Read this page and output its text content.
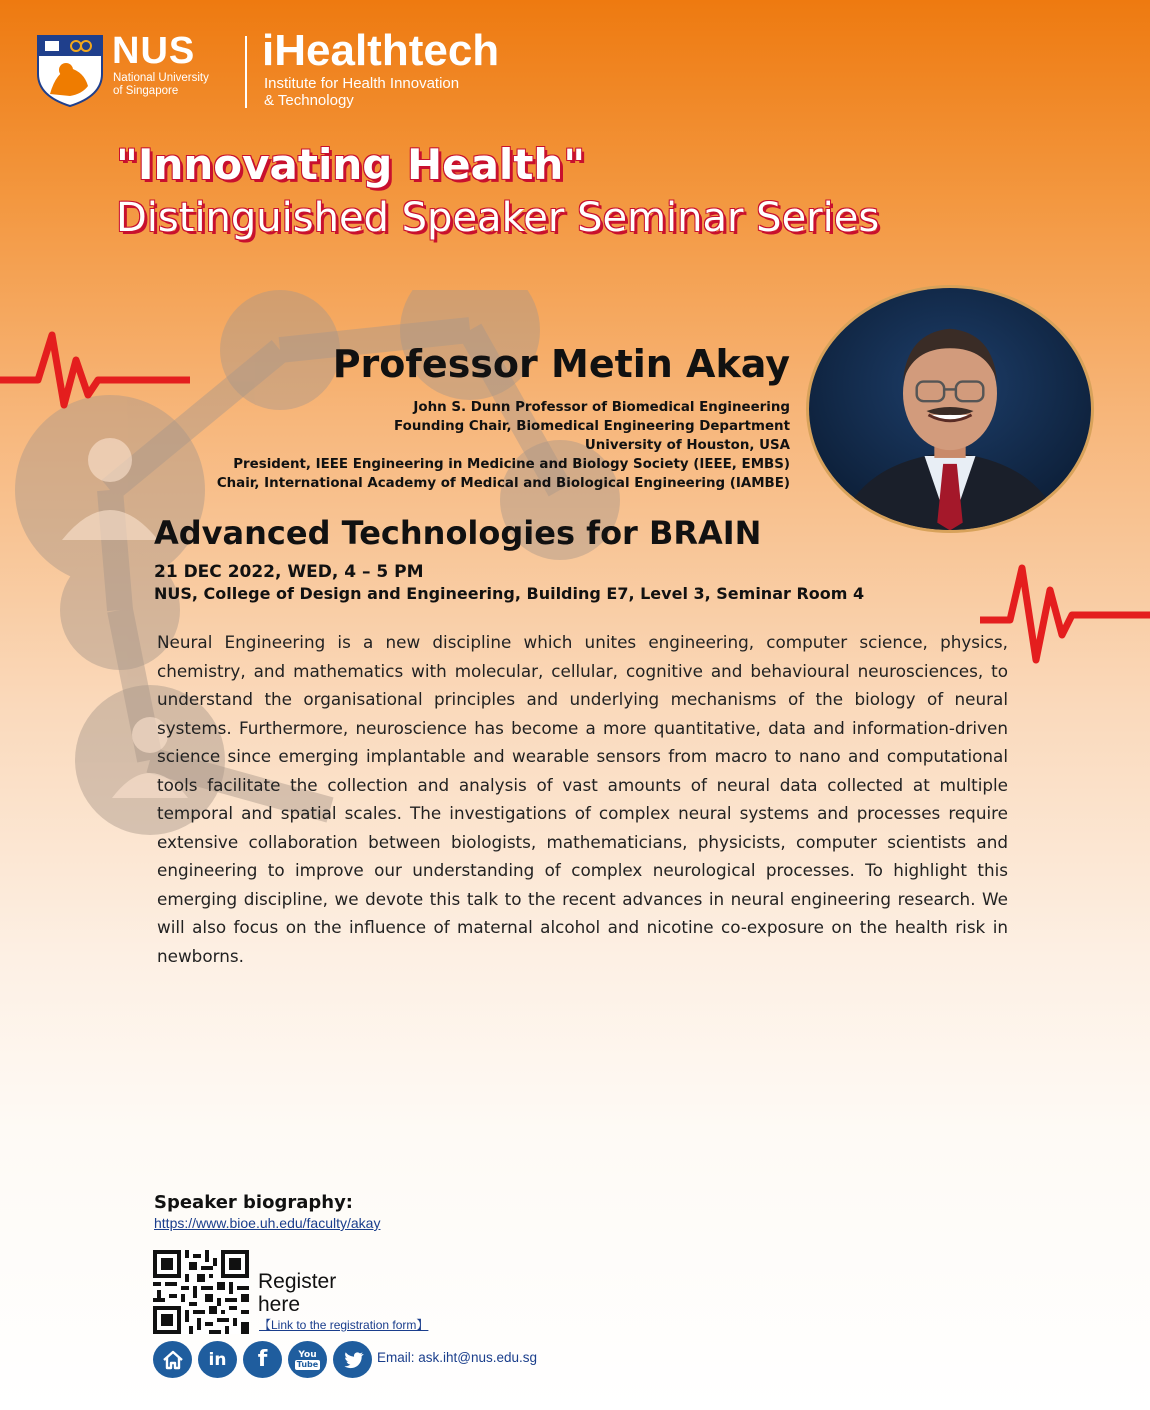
NUS
National University
of Singapore
iHealthtech
Institute for Health Innovation
& Technology
"Innovating Health"
Distinguished Speaker Seminar Series
Professor Metin Akay
John S. Dunn Professor of Biomedical Engineering
Founding Chair, Biomedical Engineering Department
University of Houston, USA
President, IEEE Engineering in Medicine and Biology Society (IEEE, EMBS)
Chair, International Academy of Medical and Biological Engineering (IAMBE)
Advanced Technologies for BRAIN
21 DEC 2022, WED, 4 – 5 PM
NUS, College of Design and Engineering, Building E7, Level 3, Seminar Room 4
Neural Engineering is a new discipline which unites engineering, computer science, physics, chemistry, and mathematics with molecular, cellular, cognitive and behavioural neurosciences, to understand the organisational principles and underlying mechanisms of the biology of neural systems. Furthermore, neuroscience has become a more quantitative, data and information-driven science since emerging implantable and wearable sensors from macro to nano and computational tools facilitate the collection and analysis of vast amounts of neural data collected at multiple temporal and spatial scales. The investigations of complex neural systems and processes require extensive collaboration between biologists, mathematicians, physicists, computer scientists and engineering to improve our understanding of complex neurological processes. To highlight this emerging discipline, we devote this talk to the recent advances in neural engineering research. We will also focus on the influence of maternal alcohol and nicotine co-exposure on the health risk in newborns.
Speaker biography:
https://www.bioe.uh.edu/faculty/akay
Register
here
【Link to the registration form】
in f	You
Tube	Email: ask.iht@nus.edu.sg
